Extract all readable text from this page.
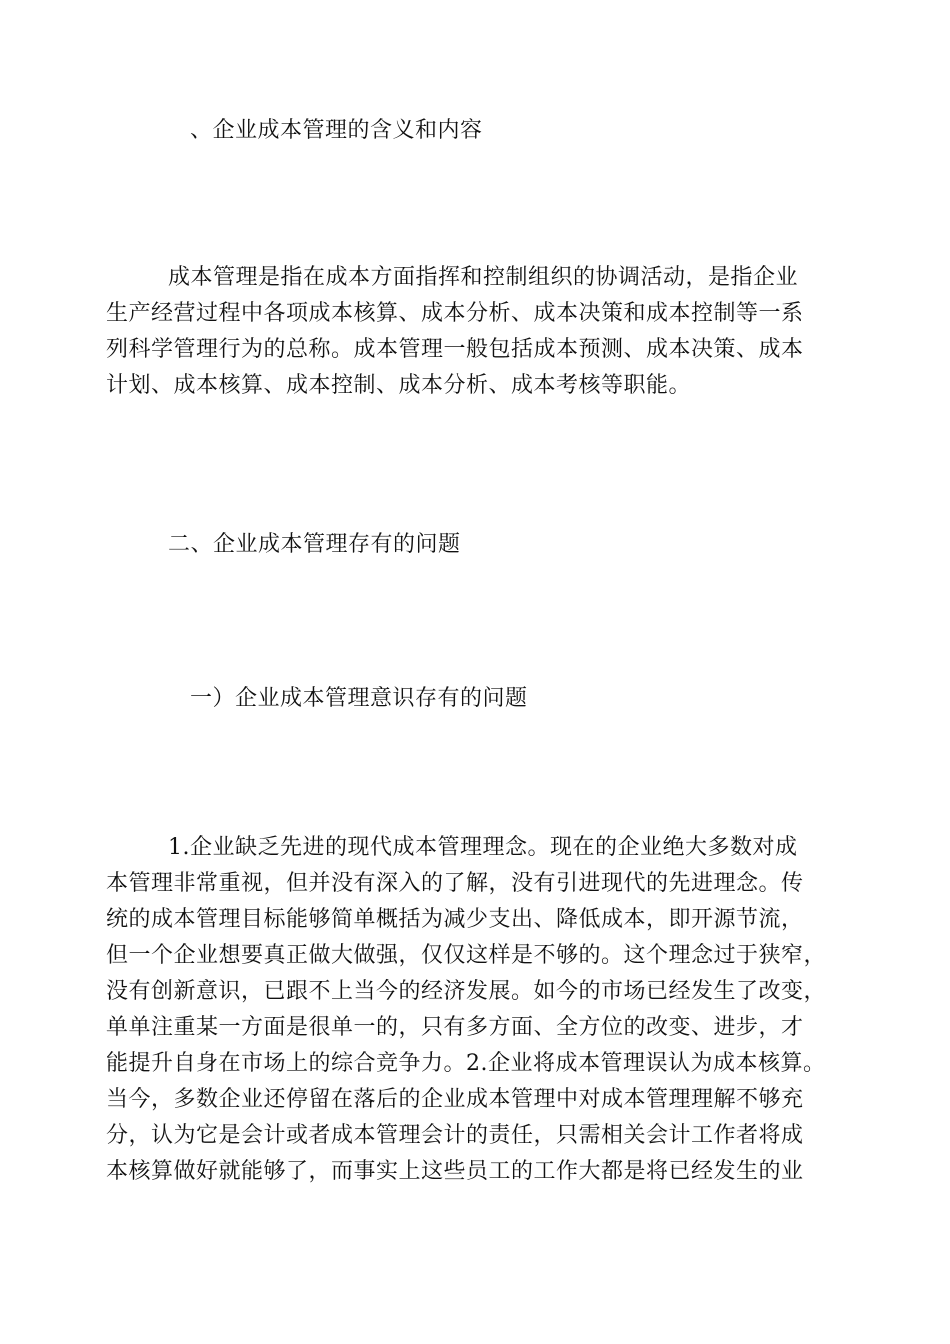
、企业成本管理的含义和内容
成本管理是指在成本方面指挥和控制组织的协调活动，是指企业
生产经营过程中各项成本核算、成本分析、成本决策和成本控制等一系
列科学管理行为的总称。成本管理一般包括成本预测、成本决策、成本
计划、成本核算、成本控制、成本分析、成本考核等职能。
二、企业成本管理存有的问题
一）企业成本管理意识存有的问题
1.企业缺乏先进的现代成本管理理念。现在的企业绝大多数对成
本管理非常重视，但并没有深入的了解，没有引进现代的先进理念。传
统的成本管理目标能够简单概括为减少支出、降低成本，即开源节流，
但一个企业想要真正做大做强，仅仅这样是不够的。这个理念过于狭窄，
没有创新意识，已跟不上当今的经济发展。如今的市场已经发生了改变，
单单注重某一方面是很单一的，只有多方面、全方位的改变、进步，才
能提升自身在市场上的综合竞争力。2.企业将成本管理误认为成本核算。
当今，多数企业还停留在落后的企业成本管理中对成本管理理解不够充
分，认为它是会计或者成本管理会计的责任，只需相关会计工作者将成
本核算做好就能够了，而事实上这些员工的工作大都是将已经发生的业
